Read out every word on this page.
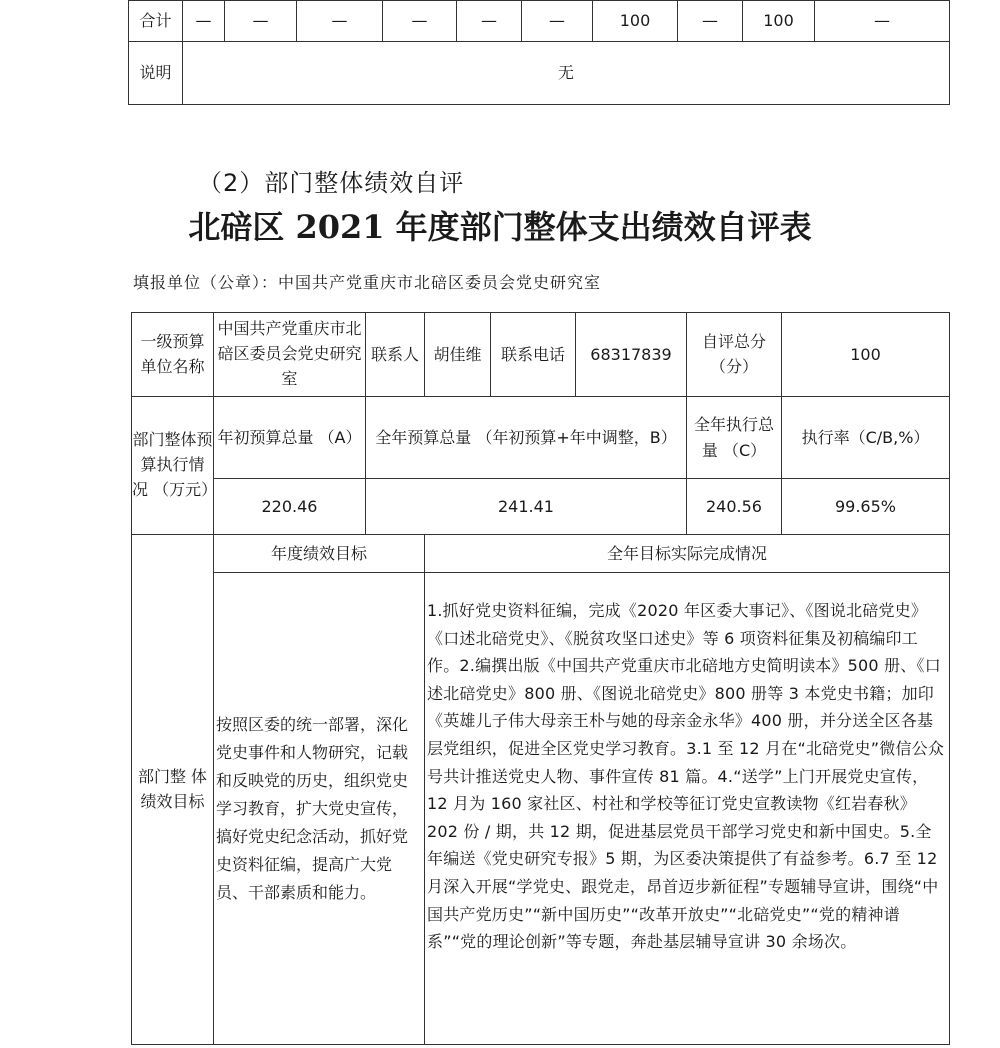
合计	—	—	—	—	—	—	100	—	100	—
说明	无									
（2）部门整体绩效自评
北碚区 2021 年度部门整体支出绩效自评表
填报单位（公章）：中国共产党重庆市北碚区委员会党史研究室
一级预算 单位名称	中国共产党重庆市北碚区委员会党史研究室	联系人	胡佳维	联系电话	68317839	自评总分（分）	100
部门整体预算执行情 况 （万元）	年初预算总量 （A）	全年预算总量 （年初预算+年中调整，B）				全年执行总量 （C）	执行率（C/B,%）
	220.46	241.41				240.56	99.65%
部门整 体 绩效目标	年度绩效目标		全年目标实际完成情况				
	按照区委的统一部署，深化党史事件和人物研究，记载和反映党的历史，组织党史学习教育，扩大党史宣传，搞好党史纪念活动，抓好党史资料征编，提高广大党员、干部素质和能力。		1.抓好党史资料征编，完成《2020 年区委大事记》、《图说北碚党史》《口述北碚党史》、《脱贫攻坚口述史》等 6 项资料征集及初稿编印工作。2.编撰出版《中国共产党重庆市北碚地方史简明读本》500 册、《口述北碚党史》800 册、《图说北碚党史》800 册等 3 本党史书籍；加印《英雄儿子伟大母亲王朴与她的母亲金永华》400 册，并分送全区各基层党组织，促进全区党史学习教育。3.1 至 12 月在“北碚党史”微信公众号共计推送党史人物、事件宣传 81 篇。4.“送学”上门开展党史宣传，12 月为 160 家社区、村社和学校等征订党史宣教读物《红岩春秋》202 份 / 期，共 12 期，促进基层党员干部学习党史和新中国史。5.全年编送《党史研究专报》5 期，为区委决策提供了有益参考。6.7 至 12 月深入开展“学党史、跟党走，昂首迈步新征程”专题辅导宣讲，围绕“中国共产党历史”“新中国历史”“改革开放史”“北碚党史”“党的精神谱系”“党的理论创新”等专题，奔赴基层辅导宣讲 30 余场次。				
